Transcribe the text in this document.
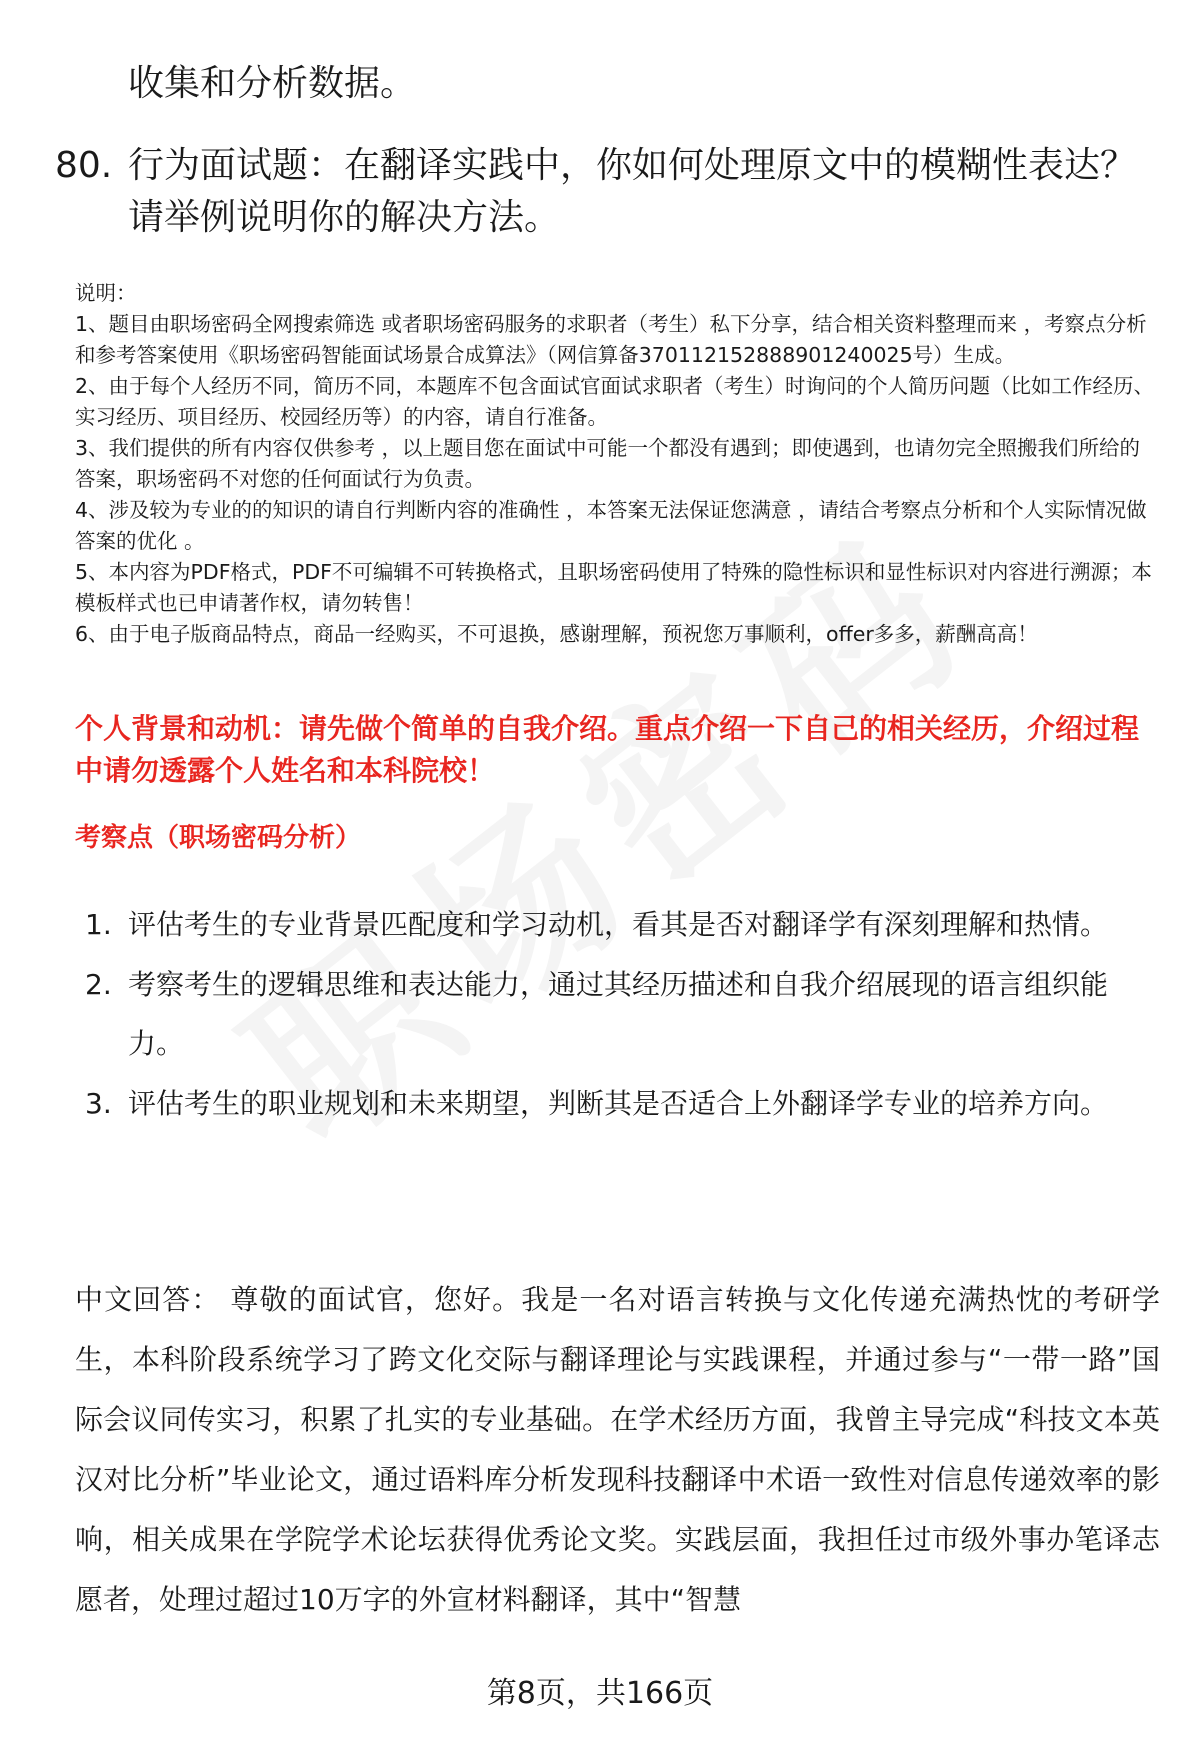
收集和分析数据。
80. 行为面试题：在翻译实践中，你如何处理原文中的模糊性表达？请举例说明你的解决方法。

说明：

1、题目由职场密码全网搜索筛选 或者职场密码服务的求职者（考生）私下分享，结合相关资料整理而来 ，考察点分析和参考答案使用《职场密码智能面试场景合成算法》（网信算备370112152888901240025号）生成。

2、由于每个人经历不同，简历不同，本题库不包含面试官面试求职者（考生）时询问的个人简历问题（比如工作经历、实习经历、项目经历、校园经历等）的内容，请自行准备。

3、我们提供的所有内容仅供参考 ，以上题目您在面试中可能一个都没有遇到；即使遇到，也请勿完全照搬我们所给的答案，职场密码不对您的任何面试行为负责。

4、涉及较为专业的的知识的请自行判断内容的准确性 ，本答案无法保证您满意 ，请结合考察点分析和个人实际情况做答案的优化 。

5、本内容为PDF格式，PDF不可编辑不可转换格式，且职场密码使用了特殊的隐性标识和显性标识对内容进行溯源；本模板样式也已申请著作权，请勿转售！

6、由于电子版商品特点，商品一经购买，不可退换，感谢理解，预祝您万事顺利，offer多多，薪酬高高！

个人背景和动机：请先做个简单的自我介绍。重点介绍一下自己的相关经历，介绍过程中请勿透露个人姓名和本科院校！
考察点（职场密码分析）
1. 评估考生的专业背景匹配度和学习动机，看其是否对翻译学有深刻理解和热情。
2. 考察考生的逻辑思维和表达能力，通过其经历描述和自我介绍展现的语言组织能力。
3. 评估考生的职业规划和未来期望，判断其是否适合上外翻译学专业的培养方向。
中文回答： 尊敬的面试官，您好。我是一名对语言转换与文化传递充满热忱的考研学生，本科阶段系统学习了跨文化交际与翻译理论与实践课程，并通过参与“一带一路”国际会议同传实习，积累了扎实的专业基础。在学术经历方面，我曾主导完成“科技文本英汉对比分析”毕业论文，通过语料库分析发现科技翻译中术语一致性对信息传递效率的影响，相关成果在学院学术论坛获得优秀论文奖。实践层面，我担任过市级外事办笔译志愿者，处理过超过10万字的外宣材料翻译，其中“智慧
第8页，共166页
